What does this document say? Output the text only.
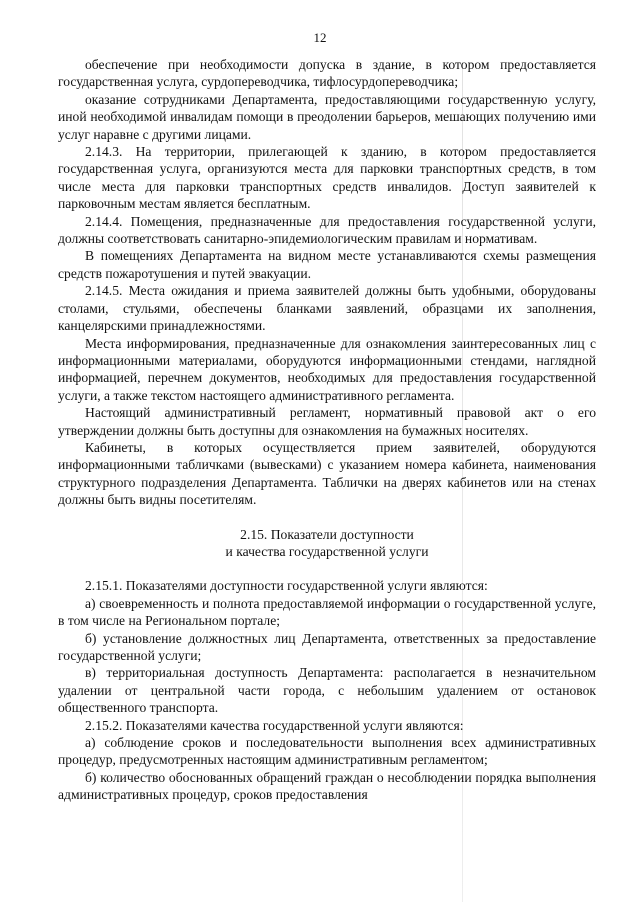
12

обеспечение при необходимости допуска в здание, в котором предоставляется государственная услуга, сурдопереводчика, тифлосурдопереводчика;

оказание сотрудниками Департамента, предоставляющими государственную услугу, иной необходимой инвалидам помощи в преодолении барьеров, мешающих получению ими услуг наравне с другими лицами.

2.14.3. На территории, прилегающей к зданию, в котором предоставляется государственная услуга, организуются места для парковки транспортных средств, в том числе места для парковки транспортных средств инвалидов. Доступ заявителей к парковочным местам является бесплатным.

2.14.4. Помещения, предназначенные для предоставления государственной услуги, должны соответствовать санитарно-эпидемиологическим правилам и нормативам.

В помещениях Департамента на видном месте устанавливаются схемы размещения средств пожаротушения и путей эвакуации.

2.14.5. Места ожидания и приема заявителей должны быть удобными, оборудованы столами, стульями, обеспечены бланками заявлений, образцами их заполнения, канцелярскими принадлежностями.

Места информирования, предназначенные для ознакомления заинтересованных лиц с информационными материалами, оборудуются информационными стендами, наглядной информацией, перечнем документов, необходимых для предоставления государственной услуги, а также текстом настоящего административного регламента.

Настоящий административный регламент, нормативный правовой акт о его утверждении должны быть доступны для ознакомления на бумажных носителях.

Кабинеты, в которых осуществляется прием заявителей, оборудуются информационными табличками (вывесками) с указанием номера кабинета, наименования структурного подразделения Департамента. Таблички на дверях кабинетов или на стенах должны быть видны посетителям.

2.15. Показатели доступности
и качества государственной услуги

2.15.1. Показателями доступности государственной услуги являются:

а) своевременность и полнота предоставляемой информации о государственной услуге, в том числе на Региональном портале;

б) установление должностных лиц Департамента, ответственных за предоставление государственной услуги;

в) территориальная доступность Департамента: располагается в незначительном удалении от центральной части города, с небольшим удалением от остановок общественного транспорта.

2.15.2. Показателями качества государственной услуги являются:

а) соблюдение сроков и последовательности выполнения всех административных процедур, предусмотренных настоящим административным регламентом;

б) количество обоснованных обращений граждан о несоблюдении порядка выполнения административных процедур, сроков предоставления
